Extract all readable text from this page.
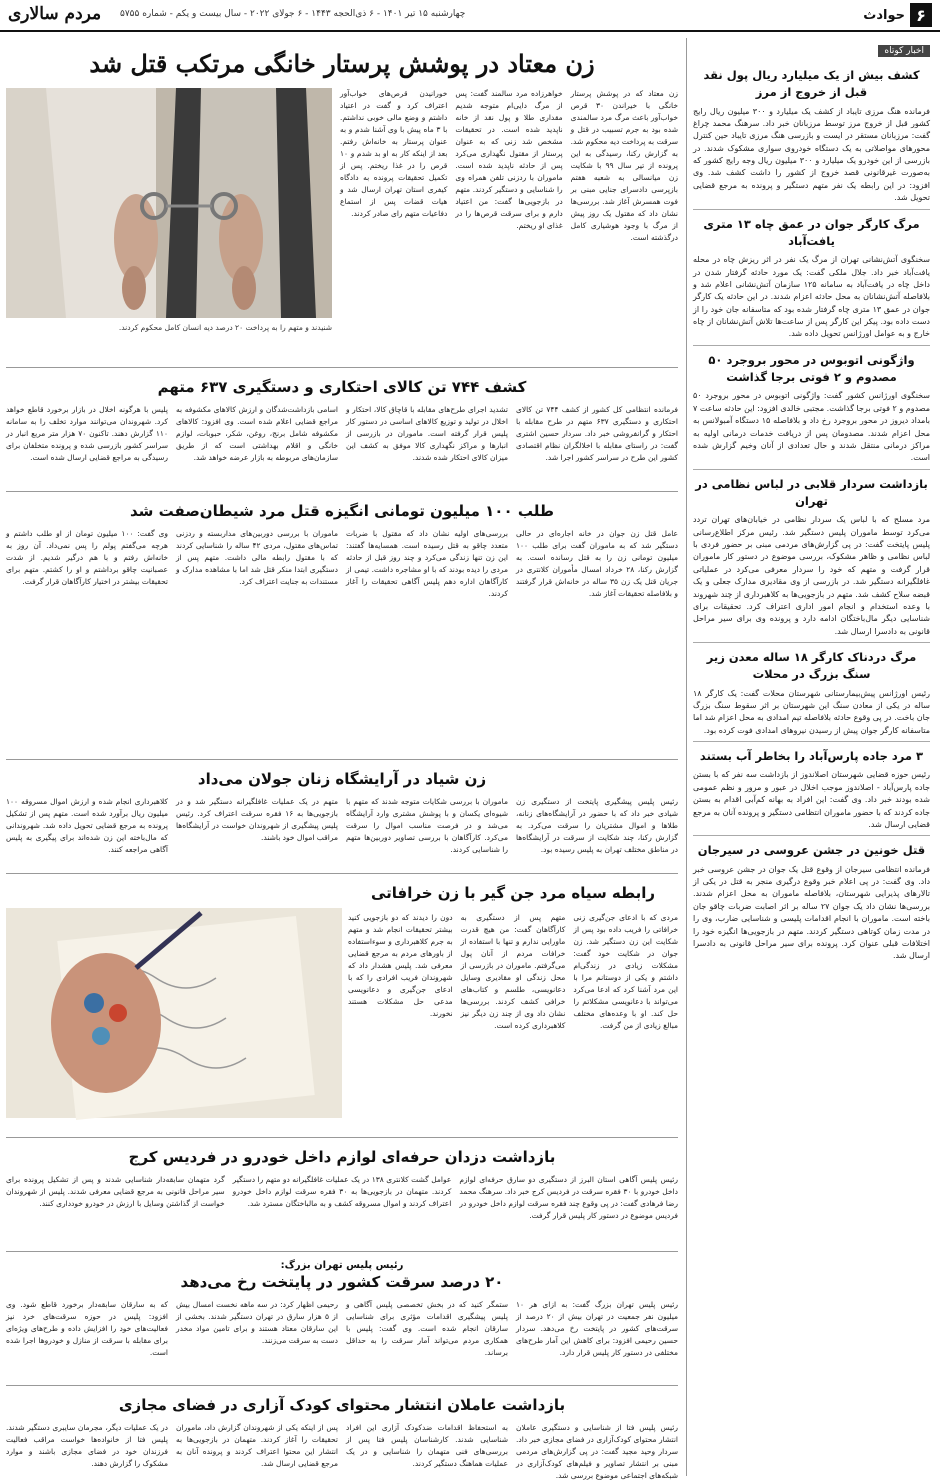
۶
حوادث
چهارشنبه ۱۵ تیر ۱۴۰۱ - ۶ ذی‌الحجه ۱۴۴۳ - ۶ جولای ۲۰۲۲ - سال بیست و یکم - شماره ۵۷۵۵
مردم سالاری
اخبار کوتاه
کشف بیش از یک میلیارد ریال پول نقد قبل از خروج از مرز

فرمانده هنگ مرزی تایباد از کشف یک میلیارد و ۳۰۰ میلیون ریال رایج کشور قبل از خروج مرز توسط مرزبانان خبر داد. سرهنگ محمد چراغ گفت: مرزبانان مستقر در ایست و بازرسی هنگ مرزی تایباد حین کنترل محورهای مواصلاتی به یک دستگاه خودروی سواری مشکوک شدند. در بازرسی از این خودرو یک میلیارد و ۳۰۰ میلیون ریال وجه رایج کشور که به‌صورت غیرقانونی قصد خروج از کشور را داشت کشف شد. وی افزود: در این رابطه یک نفر متهم دستگیر و پرونده به مرجع قضایی تحویل شد.

مرگ کارگر جوان در عمق چاه ۱۳ متری یافت‌آباد

سخنگوی آتش‌نشانی تهران از مرگ یک نفر در اثر ریزش چاه در محله یافت‌آباد خبر داد. جلال ملکی گفت: یک مورد حادثه گرفتار شدن در داخل چاه در یافت‌آباد به سامانه ۱۲۵ سازمان آتش‌نشانی اعلام شد و بلافاصله آتش‌نشانان به محل حادثه اعزام شدند. در این حادثه یک کارگر جوان در عمق ۱۳ متری چاه گرفتار شده بود که متاسفانه جان خود را از دست داده بود. پیکر این کارگر پس از ساعت‌ها تلاش آتش‌نشانان از چاه خارج و به عوامل اورژانس تحویل داده شد.

واژگونی اتوبوس در محور بروجرد ۵۰ مصدوم و ۲ فوتی برجا گذاشت

سخنگوی اورژانس کشور گفت: واژگونی اتوبوس در محور بروجرد ۵۰ مصدوم و ۲ فوتی برجا گذاشت. مجتبی خالدی افزود: این حادثه ساعت ۷ بامداد دیروز در محور بروجرد رخ داد و بلافاصله ۱۵ دستگاه آمبولانس به محل اعزام شدند. مصدومان پس از دریافت خدمات درمانی اولیه به مراکز درمانی منتقل شدند و حال تعدادی از آنان وخیم گزارش شده است.

بازداشت سردار قلابی در لباس نظامی در تهران

مرد مسلح که با لباس یک سردار نظامی در خیابان‌های تهران تردد می‌کرد توسط ماموران پلیس دستگیر شد. رئیس مرکز اطلاع‌رسانی پلیس پایتخت گفت: در پی گزارش‌های مردمی مبنی بر حضور فردی با لباس نظامی و ظاهر مشکوک، بررسی موضوع در دستور کار ماموران قرار گرفت و متهم که خود را سردار معرفی می‌کرد در عملیاتی غافلگیرانه دستگیر شد. در بازرسی از وی مقادیری مدارک جعلی و یک قبضه سلاح کشف شد. متهم در بازجویی‌ها به کلاهبرداری از چند شهروند با وعده استخدام و انجام امور اداری اعتراف کرد. تحقیقات برای شناسایی دیگر مال‌باختگان ادامه دارد و پرونده وی برای سیر مراحل قانونی به دادسرا ارسال شد.

مرگ دردناک کارگر ۱۸ ساله معدن زیر سنگ بزرگ در محلات

رئیس اورژانس پیش‌بیمارستانی شهرستان محلات گفت: یک کارگر ۱۸ ساله در یکی از معادن سنگ این شهرستان بر اثر سقوط سنگ بزرگ جان باخت. در پی وقوع حادثه بلافاصله تیم امدادی به محل اعزام شد اما متاسفانه کارگر جوان پیش از رسیدن نیروهای امدادی فوت کرده بود.

۳ مرد جاده پارس‌آباد را بخاطر آب بستند

رئیس حوزه قضایی شهرستان اصلاندوز از بازداشت سه نفر که با بستن جاده پارس‌آباد - اصلاندوز موجب اخلال در عبور و مرور و نظم عمومی شده بودند خبر داد. وی گفت: این افراد به بهانه کم‌آبی اقدام به بستن جاده کردند که با حضور ماموران انتظامی دستگیر و پرونده آنان به مرجع قضایی ارسال شد.

قتل خونین در جشن عروسی در سیرجان

فرمانده انتظامی سیرجان از وقوع قتل یک جوان در جشن عروسی خبر داد. وی گفت: در پی اعلام خبر وقوع درگیری منجر به قتل در یکی از تالارهای پذیرایی شهرستان، بلافاصله ماموران به محل اعزام شدند. بررسی‌ها نشان داد یک جوان ۲۷ ساله بر اثر اصابت ضربات چاقو جان باخته است. ماموران با انجام اقدامات پلیسی و شناسایی ضارب، وی را در مدت زمان کوتاهی دستگیر کردند. متهم در بازجویی‌ها انگیزه خود را اختلافات قبلی عنوان کرد. پرونده برای سیر مراحل قانونی به دادسرا ارسال شد.

زن معتاد در پوشش پرستار خانگی مرتکب قتل شد
زن معتاد که در پوشش پرستار خانگی با خیراندن ۳۰ قرص خواب‌آور باعث مرگ مرد سالمندی شده بود به جرم تسبیب در قتل و سرقت به پرداخت دیه محکوم شد. به گزارش رکنا، رسیدگی به این پرونده از تیر سال ۹۹ با شکایت زن میانسالی به شعبه هفتم بازپرسی دادسرای جنایی مبنی بر فوت همسرش آغاز شد. بررسی‌ها نشان داد که مقتول یک روز پیش از مرگ با وجود هوشیاری کامل درگذشته است.
خواهرزاده مرد سالمند گفت: پس از مرگ دایی‌ام متوجه شدیم مقداری طلا و پول نقد از خانه ناپدید شده است. در تحقیقات مشخص شد زنی که به عنوان پرستار از مقتول نگهداری می‌کرد پس از حادثه ناپدید شده است. ماموران با ردزنی تلفن همراه وی را شناسایی و دستگیر کردند. متهم در بازجویی‌ها گفت: من اعتیاد دارم و برای سرقت قرص‌ها را در غذای او ریختم.
خورانیدن قرص‌های خواب‌آور اعتراف کرد و گفت در اعتیاد داشتم و وضع مالی خوبی نداشتم. با ۳ ماه پیش با وی آشنا شدم و به عنوان پرستار به خانه‌اش رفتم. بعد از اینکه کار به او بد شدم و ۱۰ قرص را در غذا ریختم. پس از تکمیل تحقیقات پرونده به دادگاه کیفری استان تهران ارسال شد و هیات قضات پس از استماع دفاعیات متهم رای صادر کردند.

شنیدند و متهم را به پرداخت ۲۰ درصد دیه انسان کامل محکوم کردند.

کشف ۷۴۴ تن کالای احتکاری و دستگیری ۶۳۷ متهم
فرمانده انتظامی کل کشور از کشف ۷۴۴ تن کالای احتکاری و دستگیری ۶۳۷ متهم در طرح مقابله با احتکار و گرانفروشی خبر داد. سردار حسین اشتری گفت: در راستای مقابله با اخلالگران نظام اقتصادی کشور این طرح در سراسر کشور اجرا شد.
تشدید اجرای طرح‌های مقابله با قاچاق کالا، احتکار و اخلال در تولید و توزیع کالاهای اساسی در دستور کار پلیس قرار گرفته است. ماموران در بازرسی از انبارها و مراکز نگهداری کالا موفق به کشف این میزان کالای احتکار شده شدند.
اسامی بازداشت‌شدگان و ارزش کالاهای مکشوفه به مراجع قضایی اعلام شده است. وی افزود: کالاهای مکشوفه شامل برنج، روغن، شکر، حبوبات، لوازم خانگی و اقلام بهداشتی است که از طریق سازمان‌های مربوطه به بازار عرضه خواهد شد.
پلیس با هرگونه اخلال در بازار برخورد قاطع خواهد کرد. شهروندان می‌توانند موارد تخلف را به سامانه ۱۱۰ گزارش دهند. تاکنون ۷۰ هزار متر مربع انبار در سراسر کشور بازرسی شده و پرونده متخلفان برای رسیدگی به مراجع قضایی ارسال شده است.
طلب ۱۰۰ میلیون تومانی انگیزه قتل مرد شیطان‌صفت شد
عامل قتل زن جوان در خانه اجاره‌ای در حالی دستگیر شد که به ماموران گفت برای طلب ۱۰۰ میلیون تومانی زن را به قتل رسانده است. به گزارش رکنا، ۲۸ خرداد امسال مأموران کلانتری در جریان قتل یک زن ۳۵ ساله در خانه‌اش قرار گرفتند و بلافاصله تحقیقات آغاز شد.
بررسی‌های اولیه نشان داد که مقتول با ضربات متعدد چاقو به قتل رسیده است. همسایه‌ها گفتند: این زن تنها زندگی می‌کرد و چند روز قبل از حادثه مردی را دیده بودند که با او مشاجره داشت. تیمی از کارآگاهان اداره دهم پلیس آگاهی تحقیقات را آغاز کردند.
ماموران با بررسی دوربین‌های مداربسته و ردزنی تماس‌های مقتول، مردی ۴۲ ساله را شناسایی کردند که با مقتول رابطه مالی داشت. متهم پس از دستگیری ابتدا منکر قتل شد اما با مشاهده مدارک و مستندات به جنایت اعتراف کرد.
وی گفت: ۱۰۰ میلیون تومان از او طلب داشتم و هرچه می‌گفتم پولم را پس نمی‌داد. آن روز به خانه‌اش رفتم و با هم درگیر شدیم. از شدت عصبانیت چاقو برداشتم و او را کشتم. متهم برای تحقیقات بیشتر در اختیار کارآگاهان قرار گرفت.
زن شیاد در آرایشگاه زنان جولان می‌داد
رئیس پلیس پیشگیری پایتخت از دستگیری زن شیادی خبر داد که با حضور در آرایشگاه‌های زنانه، طلاها و اموال مشتریان را سرقت می‌کرد. به گزارش رکنا، چند شکایت از سرقت در آرایشگاه‌ها در مناطق مختلف تهران به پلیس رسیده بود.
ماموران با بررسی شکایات متوجه شدند که متهم با شیوه‌ای یکسان و با پوشش مشتری وارد آرایشگاه می‌شد و در فرصت مناسب اموال را سرقت می‌کرد. کارآگاهان با بررسی تصاویر دوربین‌ها متهم را شناسایی کردند.
متهم در یک عملیات غافلگیرانه دستگیر شد و در بازجویی‌ها به ۱۶ فقره سرقت اعتراف کرد. رئیس پلیس پیشگیری از شهروندان خواست در آرایشگاه‌ها مراقب اموال خود باشند.
کلاهبرداری انجام شده و ارزش اموال مسروقه ۱۰۰ میلیون ریال برآورد شده است. متهم پس از تشکیل پرونده به مرجع قضایی تحویل داده شد. شهروندانی که مال‌باخته این زن شده‌اند برای پیگیری به پلیس آگاهی مراجعه کنند.
رابطه سیاه مرد جن گیر با زن خرافاتی
مردی که با ادعای جن‌گیری زنی خرافاتی را فریب داده بود پس از شکایت این زن دستگیر شد. زن جوان در شکایت خود گفت: مشکلات زیادی در زندگی‌ام داشتم و یکی از دوستانم مرا با این مرد آشنا کرد که ادعا می‌کرد می‌تواند با دعانویسی مشکلاتم را حل کند. او با وعده‌های مختلف مبالغ زیادی از من گرفت.
متهم پس از دستگیری به کارآگاهان گفت: من هیچ قدرت ماورایی ندارم و تنها با استفاده از خرافات مردم از آنان پول می‌گرفتم. ماموران در بازرسی از محل زندگی او مقادیری وسایل دعانویسی، طلسم و کتاب‌های خرافی کشف کردند. بررسی‌ها نشان داد وی از چند زن دیگر نیز کلاهبرداری کرده است.
دون را دیدند که دو بازجویی کنید بیشتر تحقیقات انجام شد و متهم به جرم کلاهبرداری و سوءاستفاده از باورهای مردم به مرجع قضایی معرفی شد. پلیس هشدار داد که شهروندان فریب افرادی را که با ادعای جن‌گیری و دعانویسی مدعی حل مشکلات هستند نخورند.
بازداشت دزدان حرفه‌ای لوازم داخل خودرو در فردیس کرج
رئیس پلیس آگاهی استان البرز از دستگیری دو سارق حرفه‌ای لوازم داخل خودرو با ۳۰ فقره سرقت در فردیس کرج خبر داد. سرهنگ محمد رضا فرهادی گفت: در پی وقوع چند فقره سرقت لوازم داخل خودرو در فردیس موضوع در دستور کار پلیس قرار گرفت.
عوامل گشت کلانتری ۱۳۸ در یک عملیات غافلگیرانه دو متهم را دستگیر کردند. متهمان در بازجویی‌ها به ۳۰ فقره سرقت لوازم داخل خودرو اعتراف کردند و اموال مسروقه کشف و به مالباختگان مسترد شد.
گرد متهمان سابقه‌دار شناسایی شدند و پس از تشکیل پرونده برای سیر مراحل قانونی به مرجع قضایی معرفی شدند. پلیس از شهروندان خواست از گذاشتن وسایل با ارزش در خودرو خودداری کنند.
رئیس پلیس تهران بزرگ:
۲۰ درصد سرقت کشور در پایتخت رخ می‌دهد
رئیس پلیس تهران بزرگ گفت: به ازای هر ۱۰ میلیون نفر جمعیت در تهران بیش از ۲۰ درصد از سرقت‌های کشور در پایتخت رخ می‌دهد. سردار حسین رحیمی افزود: برای کاهش این آمار طرح‌های مختلفی در دستور کار پلیس قرار دارد.
ستمگر کنید که در بخش تخصصی پلیس آگاهی و پلیس پیشگیری اقدامات مؤثری برای شناسایی سارقان انجام شده است. وی گفت: پلیس با همکاری مردم می‌تواند آمار سرقت را به حداقل برساند.
رحیمی اظهار کرد: در سه ماهه نخست امسال بیش از ۵ هزار سارق در تهران دستگیر شدند. بخشی از این سارقان معتاد هستند و برای تامین مواد مخدر دست به سرقت می‌زنند.
که به سارقان سابقه‌دار برخورد قاطع شود. وی افزود: پلیس در حوزه سرقت‌های خرد نیز فعالیت‌های خود را افزایش داده و طرح‌های ویژه‌ای برای مقابله با سرقت از منازل و خودروها اجرا شده است.
بازداشت عاملان انتشار محتوای کودک آزاری در فضای مجازی
رئیس پلیس فتا از شناسایی و دستگیری عاملان انتشار محتوای کودک‌آزاری در فضای مجازی خبر داد. سردار وحید مجید گفت: در پی گزارش‌های مردمی مبنی بر انتشار تصاویر و فیلم‌های کودک‌آزاری در شبکه‌های اجتماعی موضوع بررسی شد.
به استحفاظ اقدامات ضدکودک آزاری این افراد شناسایی شدند. کارشناسان پلیس فتا پس از بررسی‌های فنی متهمان را شناسایی و در یک عملیات هماهنگ دستگیر کردند.
پس از اینکه یکی از شهروندان گزارش داد، ماموران تحقیقات را آغاز کردند. متهمان در بازجویی‌ها به انتشار این محتوا اعتراف کردند و پرونده آنان به مرجع قضایی ارسال شد.
در یک عملیات دیگر، مجرمان سایبری دستگیر شدند. پلیس فتا از خانواده‌ها خواست مراقب فعالیت فرزندان خود در فضای مجازی باشند و موارد مشکوک را گزارش دهند.
